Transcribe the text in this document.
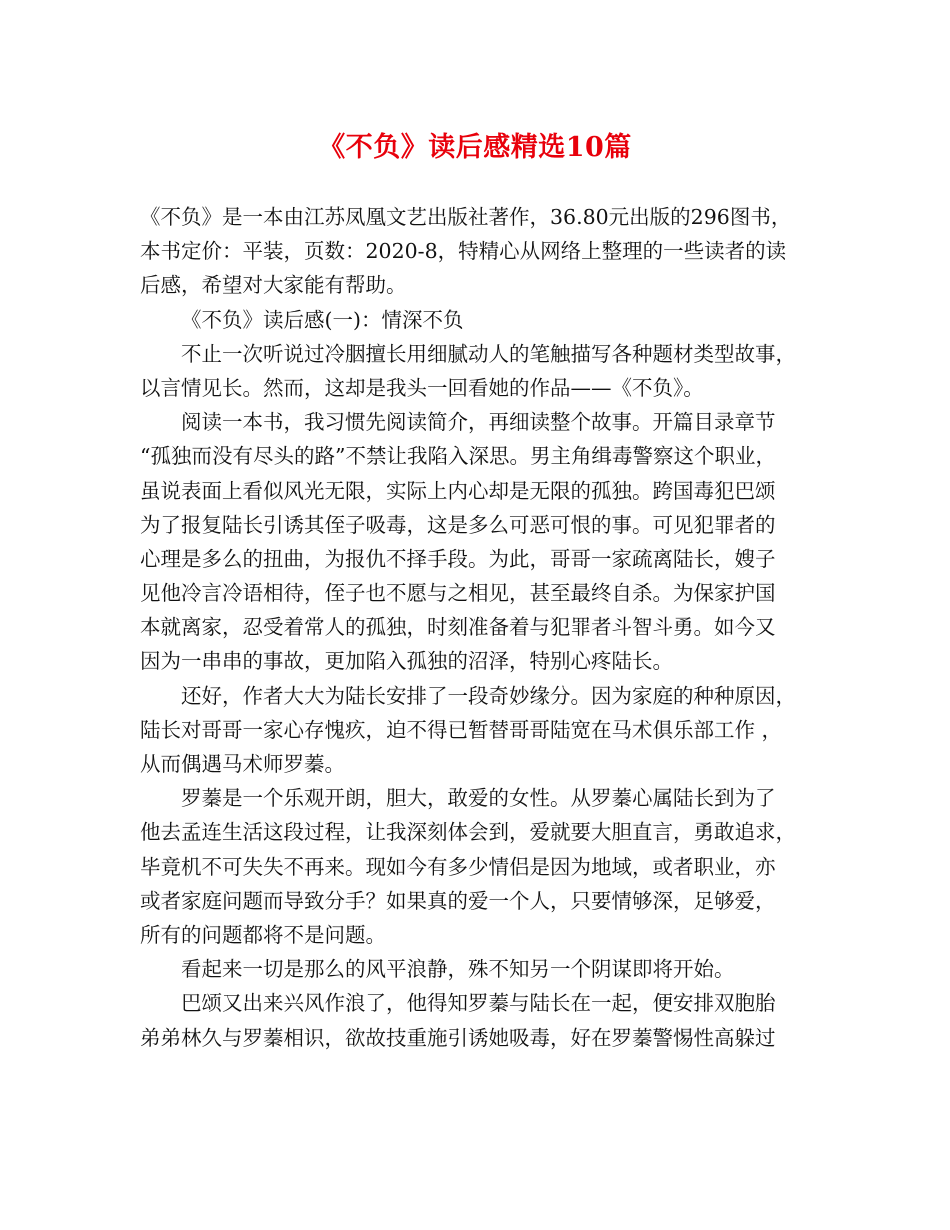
《不负》读后感精选10篇
《不负》是一本由江苏凤凰文艺出版社著作，36.80元出版的296图书，
本书定价：平装，页数：2020-8，特精心从网络上整理的一些读者的读
后感，希望对大家能有帮助。
《不负》读后感(一)：情深不负
不止一次听说过冷胭擅长用细腻动人的笔触描写各种题材类型故事，
以言情见长。然而，这却是我头一回看她的作品——《不负》。
阅读一本书，我习惯先阅读简介，再细读整个故事。开篇目录章节
“孤独而没有尽头的路”不禁让我陷入深思。男主角缉毒警察这个职业，
虽说表面上看似风光无限，实际上内心却是无限的孤独。跨国毒犯巴颂
为了报复陆长引诱其侄子吸毒，这是多么可恶可恨的事。可见犯罪者的
心理是多么的扭曲，为报仇不择手段。为此，哥哥一家疏离陆长，嫂子
见他冷言冷语相待，侄子也不愿与之相见，甚至最终自杀。为保家护国
本就离家，忍受着常人的孤独，时刻准备着与犯罪者斗智斗勇。如今又
因为一串串的事故，更加陷入孤独的沼泽，特别心疼陆长。
还好，作者大大为陆长安排了一段奇妙缘分。因为家庭的种种原因，
陆长对哥哥一家心存愧疚，迫不得已暂替哥哥陆宽在马术俱乐部工作 ，
从而偶遇马术师罗蓁。
罗蓁是一个乐观开朗，胆大，敢爱的女性。从罗蓁心属陆长到为了
他去孟连生活这段过程，让我深刻体会到，爱就要大胆直言，勇敢追求，
毕竟机不可失失不再来。现如今有多少情侣是因为地域，或者职业，亦
或者家庭问题而导致分手？如果真的爱一个人，只要情够深，足够爱，
所有的问题都将不是问题。
看起来一切是那么的风平浪静，殊不知另一个阴谋即将开始。
巴颂又出来兴风作浪了，他得知罗蓁与陆长在一起，便安排双胞胎
弟弟林久与罗蓁相识，欲故技重施引诱她吸毒，好在罗蓁警惕性高躲过
